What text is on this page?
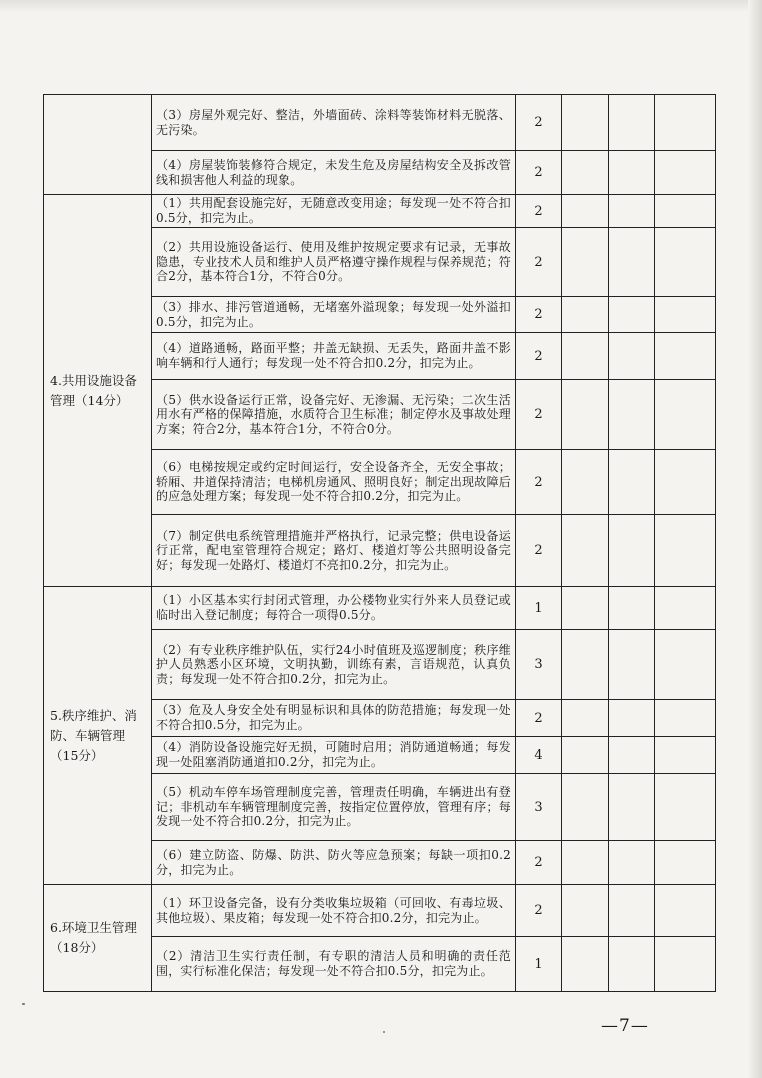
	（3）房屋外观完好、整洁，外墙面砖、涂料等装饰材料无脱落、无污染。	2			
	（4）房屋装饰装修符合规定，未发生危及房屋结构安全及拆改管线和损害他人利益的现象。	2			
4.共用设施设备管理（14分）	（1）共用配套设施完好，无随意改变用途；每发现一处不符合扣0.5分，扣完为止。	2			
	（2）共用设施设备运行、使用及维护按规定要求有记录，无事故隐患，专业技术人员和维护人员严格遵守操作规程与保养规范；符合2分，基本符合1分，不符合0分。	2			
	（3）排水、排污管道通畅，无堵塞外溢现象；每发现一处外溢扣0.5分，扣完为止。	2			
	（4）道路通畅，路面平整；井盖无缺损、无丢失，路面井盖不影响车辆和行人通行；每发现一处不符合扣0.2分，扣完为止。	2			
	（5）供水设备运行正常，设备完好、无渗漏、无污染；二次生活用水有严格的保障措施，水质符合卫生标准；制定停水及事故处理方案；符合2分，基本符合1分，不符合0分。	2			
	（6）电梯按规定或约定时间运行，安全设备齐全，无安全事故；轿厢、井道保持清洁；电梯机房通风、照明良好；制定出现故障后的应急处理方案；每发现一处不符合扣0.2分，扣完为止。	2			
	（7）制定供电系统管理措施并严格执行，记录完整；供电设备运行正常，配电室管理符合规定；路灯、楼道灯等公共照明设备完好；每发现一处路灯、楼道灯不亮扣0.2分，扣完为止。	2			
5.秩序维护、消防、车辆管理（15分）	（1）小区基本实行封闭式管理，办公楼物业实行外来人员登记或临时出入登记制度；每符合一项得0.5分。	1			
	（2）有专业秩序维护队伍，实行24小时值班及巡逻制度；秩序维护人员熟悉小区环境，文明执勤，训练有素，言语规范，认真负责；每发现一处不符合扣0.2分，扣完为止。	3			
	（3）危及人身安全处有明显标识和具体的防范措施；每发现一处不符合扣0.5分，扣完为止。	2			
	（4）消防设备设施完好无损，可随时启用；消防通道畅通；每发现一处阻塞消防通道扣0.2分，扣完为止。	4			
	（5）机动车停车场管理制度完善，管理责任明确，车辆进出有登记；非机动车车辆管理制度完善，按指定位置停放，管理有序；每发现一处不符合扣0.2分，扣完为止。	3			
	（6）建立防盗、防爆、防洪、防火等应急预案；每缺一项扣0.2分，扣完为止。	2			
6.环境卫生管理（18分）	（1）环卫设备完备，设有分类收集垃圾箱（可回收、有毒垃圾、其他垃圾）、果皮箱；每发现一处不符合扣0.2分，扣完为止。	2			
	（2）清洁卫生实行责任制，有专职的清洁人员和明确的责任范围，实行标准化保洁；每发现一处不符合扣0.5分，扣完为止。	1			
—7—
